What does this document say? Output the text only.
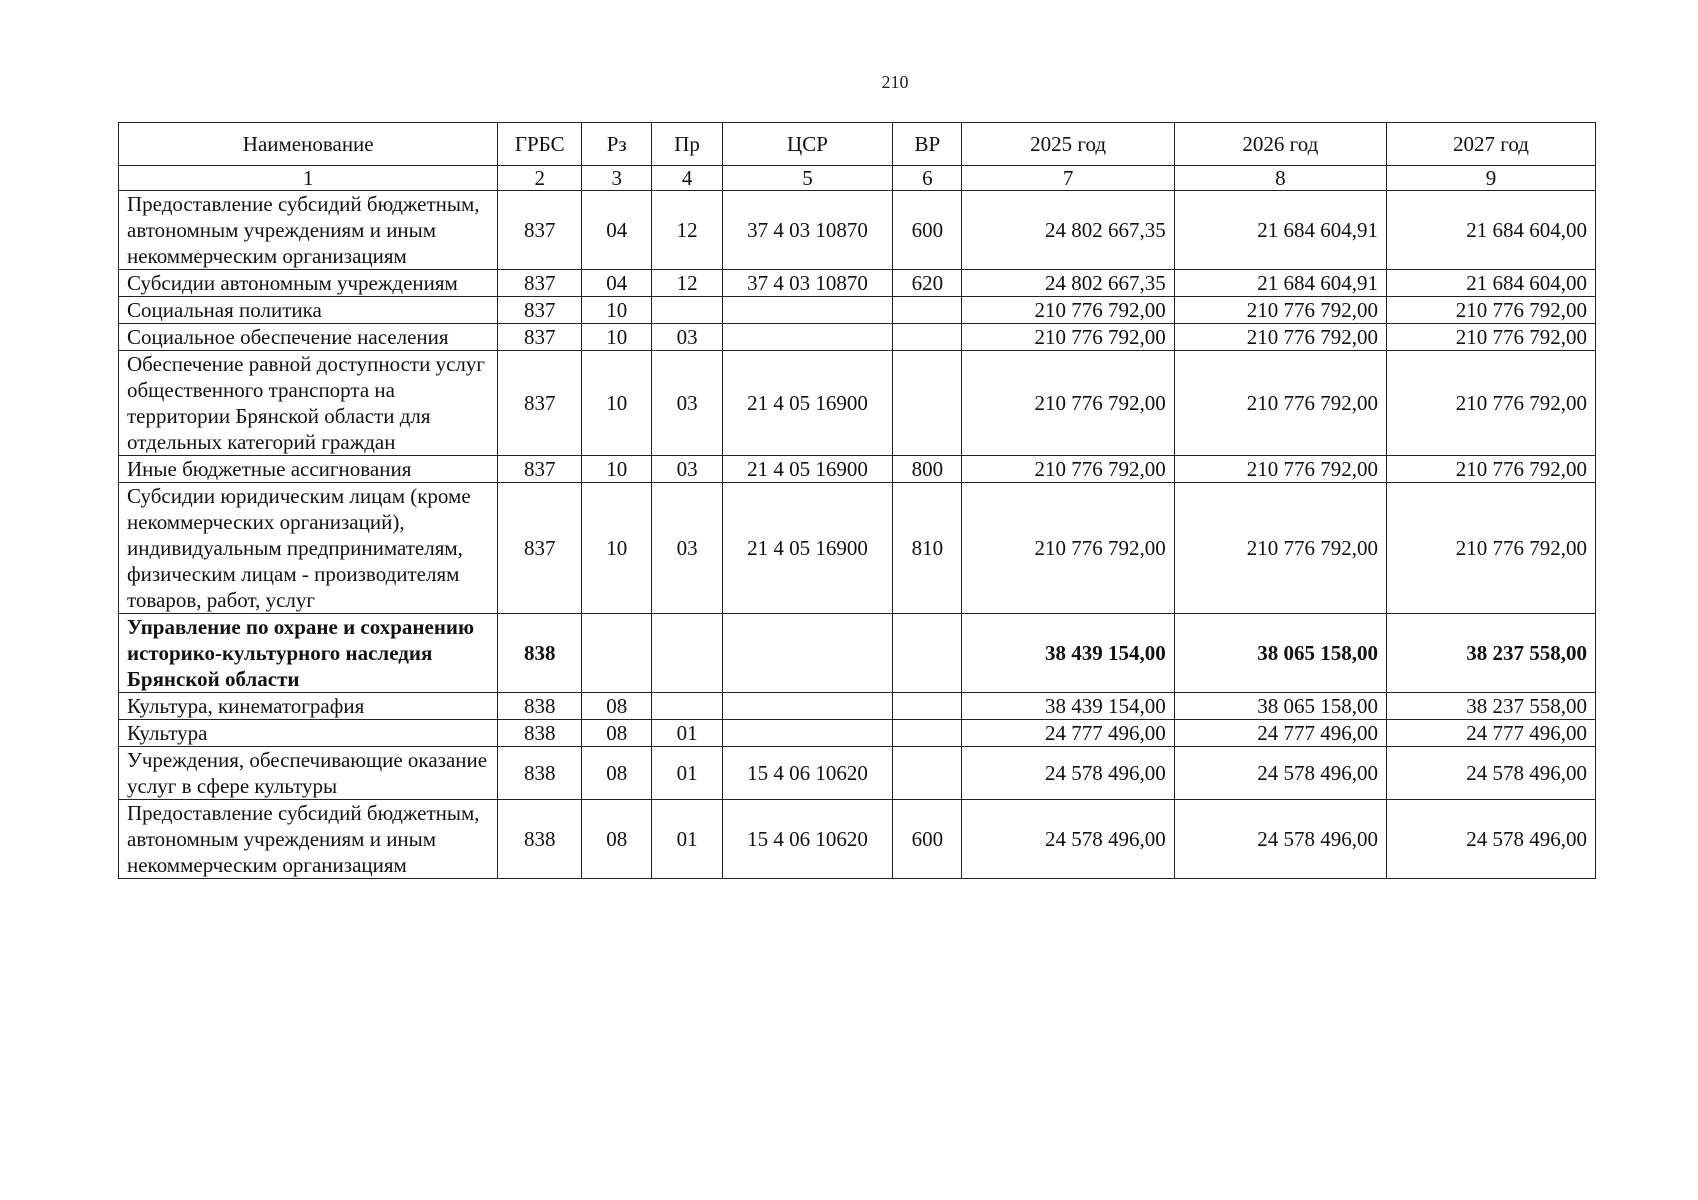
210
Наименование	ГРБС	Рз	Пр	ЦСР	ВР	2025 год	2026 год	2027 год
1	2	3	4	5	6	7	8	9
Предоставление субсидий бюджетным, автономным учреждениям и иным некоммерческим организациям	837	04	12	37 4 03 10870	600	24 802 667,35	21 684 604,91	21 684 604,00
Субсидии автономным учреждениям	837	04	12	37 4 03 10870	620	24 802 667,35	21 684 604,91	21 684 604,00
Социальная политика	837	10				210 776 792,00	210 776 792,00	210 776 792,00
Социальное обеспечение населения	837	10	03			210 776 792,00	210 776 792,00	210 776 792,00
Обеспечение равной доступности услуг общественного транспорта на территории Брянской области для отдельных категорий граждан	837	10	03	21 4 05 16900		210 776 792,00	210 776 792,00	210 776 792,00
Иные бюджетные ассигнования	837	10	03	21 4 05 16900	800	210 776 792,00	210 776 792,00	210 776 792,00
Субсидии юридическим лицам (кроме некоммерческих организаций), индивидуальным предпринимателям, физическим лицам - производителям товаров, работ, услуг	837	10	03	21 4 05 16900	810	210 776 792,00	210 776 792,00	210 776 792,00
Управление по охране и сохранению историко-культурного наследия Брянской области	838					38 439 154,00	38 065 158,00	38 237 558,00
Культура, кинематография	838	08				38 439 154,00	38 065 158,00	38 237 558,00
Культура	838	08	01			24 777 496,00	24 777 496,00	24 777 496,00
Учреждения, обеспечивающие оказание услуг в сфере культуры	838	08	01	15 4 06 10620		24 578 496,00	24 578 496,00	24 578 496,00
Предоставление субсидий бюджетным, автономным учреждениям и иным некоммерческим организациям	838	08	01	15 4 06 10620	600	24 578 496,00	24 578 496,00	24 578 496,00
